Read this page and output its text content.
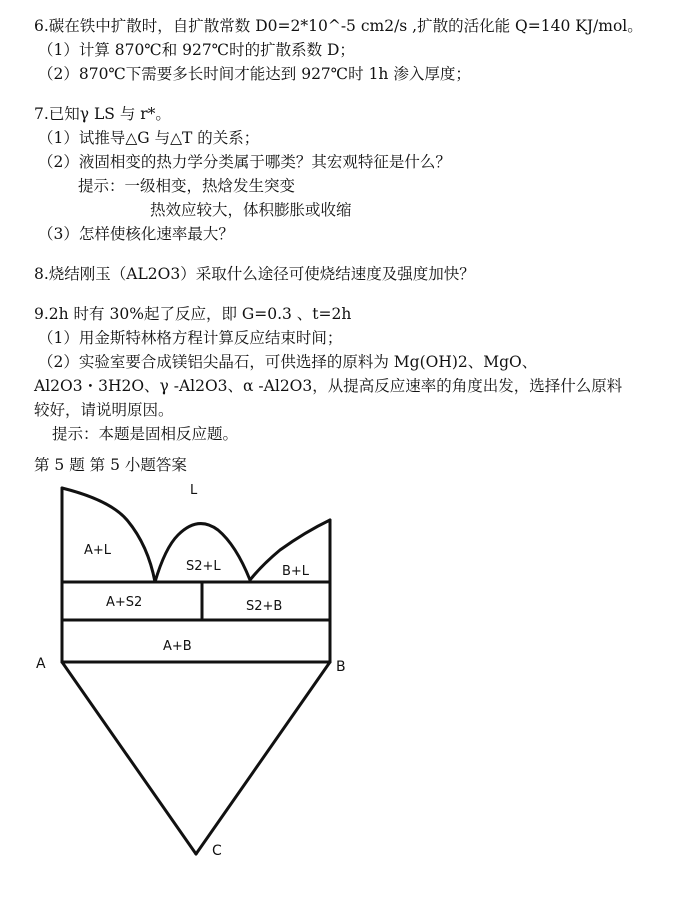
6.碳在铁中扩散时，自扩散常数 D0=2*10^-5 cm2/s ,扩散的活化能 Q=140 KJ/mol。
（1）计算 870℃和 927℃时的扩散系数 D；
（2）870℃下需要多长时间才能达到 927℃时 1h 渗入厚度；
7.已知γ LS 与 r*。
（1）试推导△G 与△T 的关系；
（2）液固相变的热力学分类属于哪类？其宏观特征是什么？
提示：一级相变，热焓发生突变
热效应较大，体积膨胀或收缩
（3）怎样使核化速率最大？
8.烧结刚玉（AL2O3）采取什么途径可使烧结速度及强度加快？
9.2h 时有 30%起了反应，即 G=0.3 、t=2h
（1）用金斯特林格方程计算反应结束时间；
（2）实验室要合成镁铝尖晶石，可供选择的原料为 Mg(OH)2、MgO、
Al2O3・3H2O、γ -Al2O3、α -Al2O3，从提高反应速率的角度出发，选择什么原料
较好，请说明原因。
提示：本题是固相反应题。
第 5 题 第 5 小题答案
L
A+L
S2+L	B+L
A+S2	S2+B
A+B
A	B
C
